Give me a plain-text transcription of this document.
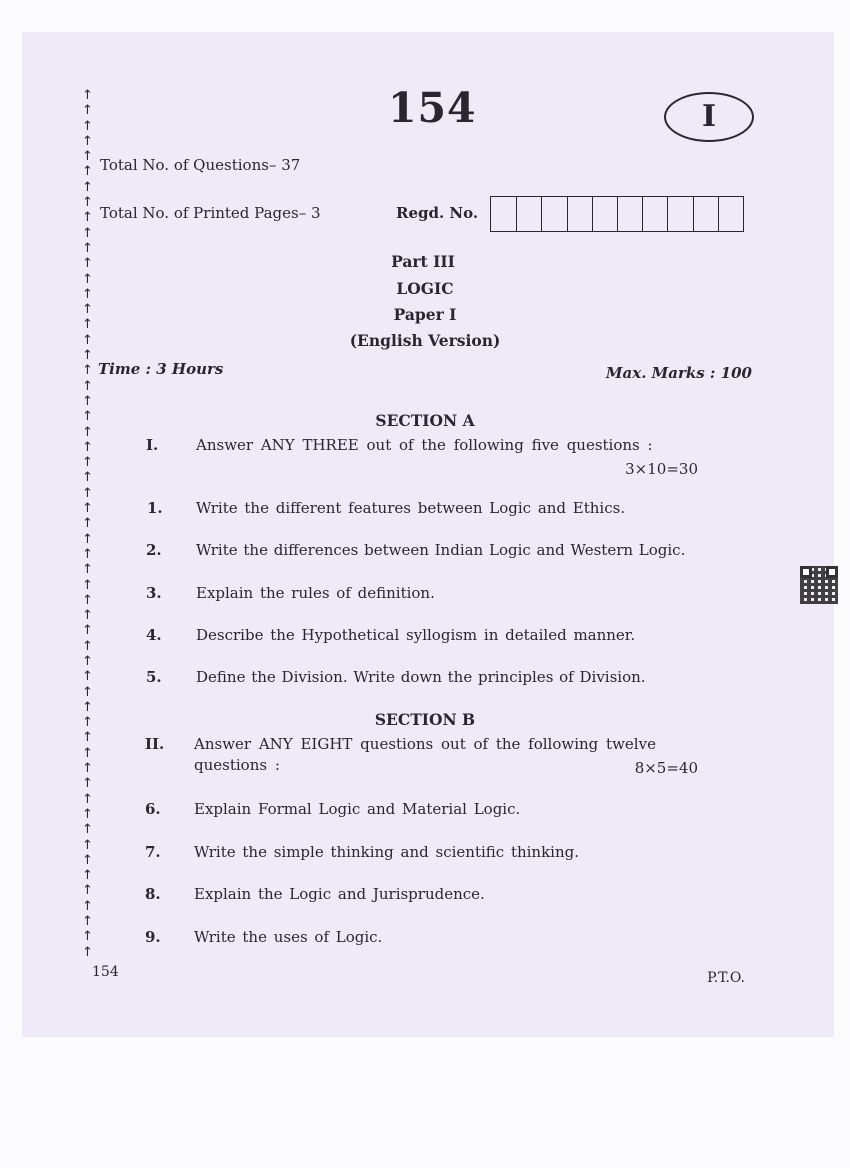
↑
↑
↑
↑
↑
↑
↑
↑
↑
↑
↑
↑
↑
↑
↑
↑
↑
↑
↑
↑
↑
↑
↑
↑
↑
↑
↑
↑
↑
↑
↑
↑
↑
↑
↑
↑
↑
↑
↑
↑
↑
↑
↑
↑
↑
↑
↑
↑
↑
↑
↑
↑
↑
↑
↑
↑
↑
154	I
Total No. of Questions– 37
Total No. of Printed Pages– 3	Regd. No.
Part III
LOGIC
Paper I
(English Version)
Time : 3 Hours	Max. Marks : 100
SECTION A
I.	Answer ANY THREE out of the following five questions :
3×10=30
1. Write the different features between Logic and Ethics.
2. Write the differences between Indian Logic and Western Logic.
3. Explain the rules of definition.
4. Describe the Hypothetical syllogism in detailed manner.
5. Define the Division. Write down the principles of Division.
SECTION B
II. Answer ANY EIGHT questions out of the following twelve
questions :	8×5=40
6. Explain Formal Logic and Material Logic.
7. Write the simple thinking and scientific thinking.
8. Explain the Logic and Jurisprudence.
9. Write the uses of Logic.
154	P.T.O.
